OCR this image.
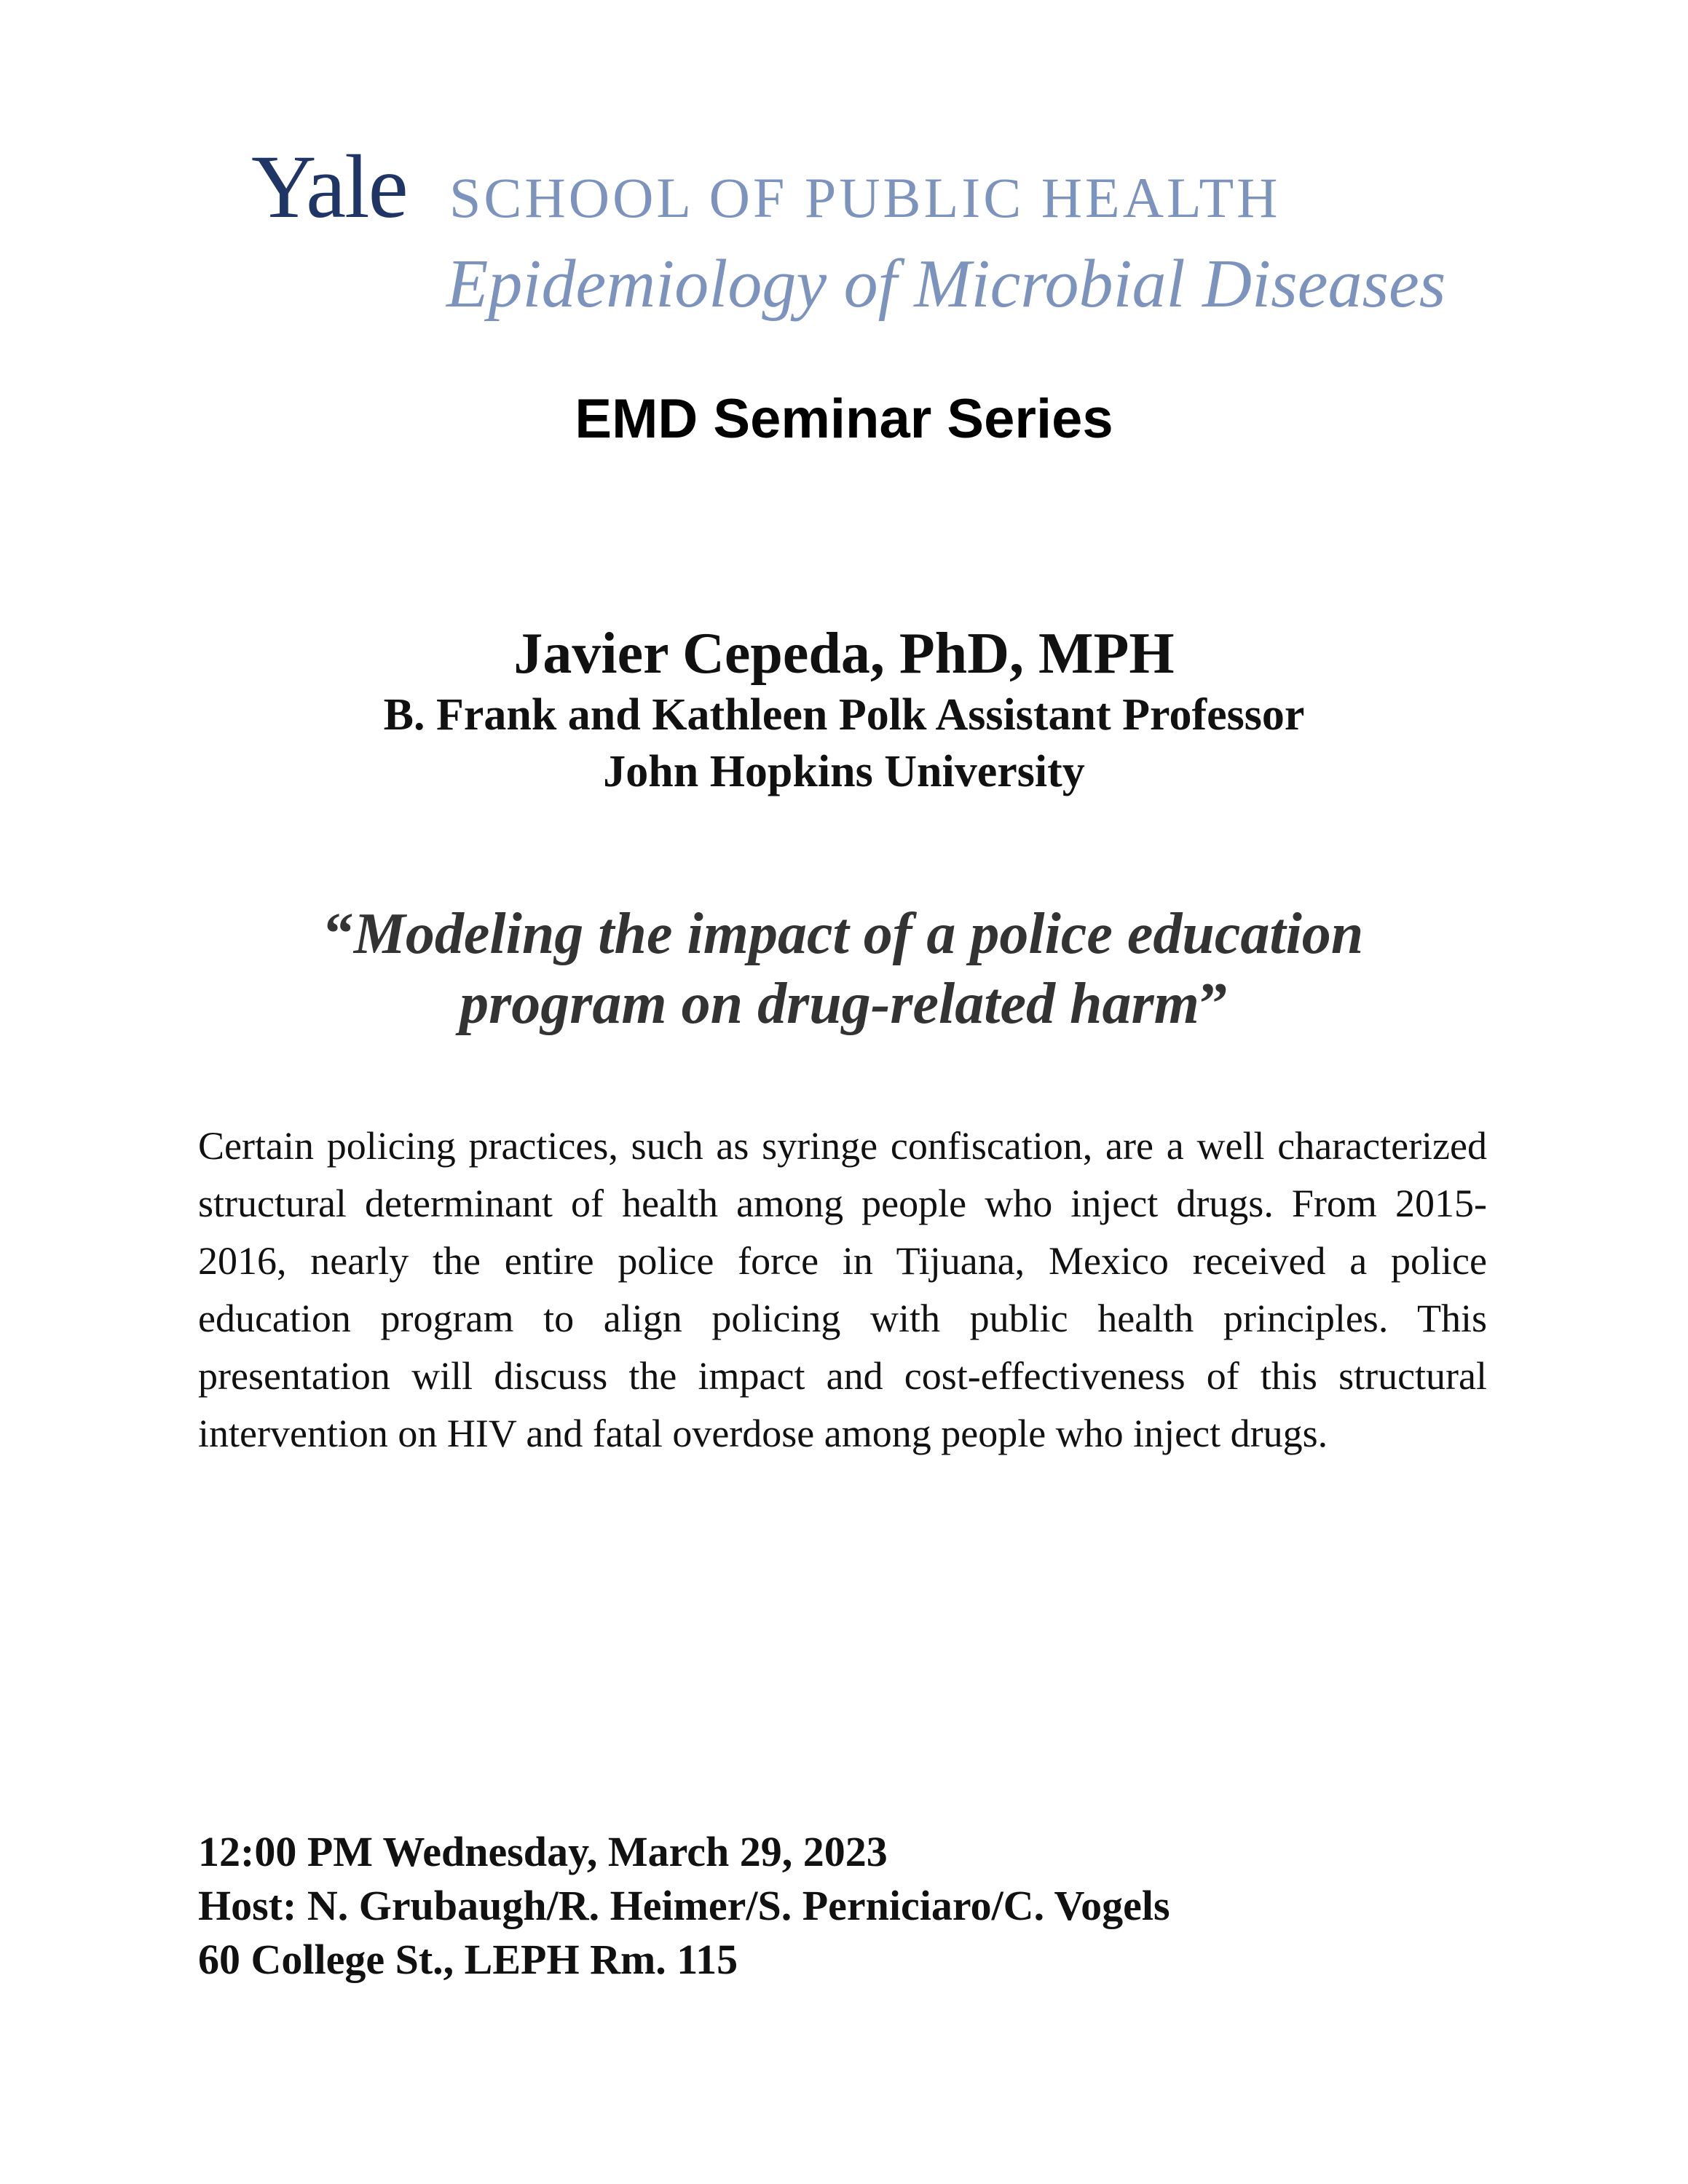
Yale SCHOOL OF PUBLIC HEALTH
Epidemiology of Microbial Diseases
EMD Seminar Series
Javier Cepeda, PhD, MPH
B. Frank and Kathleen Polk Assistant Professor
John Hopkins University
“Modeling the impact of a police education
program on drug-related harm”
Certain policing practices, such as syringe confiscation, are a well characterized structural determinant of health among people who inject drugs. From 2015-2016, nearly the entire police force in Tijuana, Mexico received a police education program to align policing with public health principles. This presentation will discuss the impact and cost-effectiveness of this structural intervention on HIV and fatal overdose among people who inject drugs.
12:00 PM Wednesday, March 29, 2023
Host: N. Grubaugh/R. Heimer/S. Perniciaro/C. Vogels
60 College St., LEPH Rm. 115
